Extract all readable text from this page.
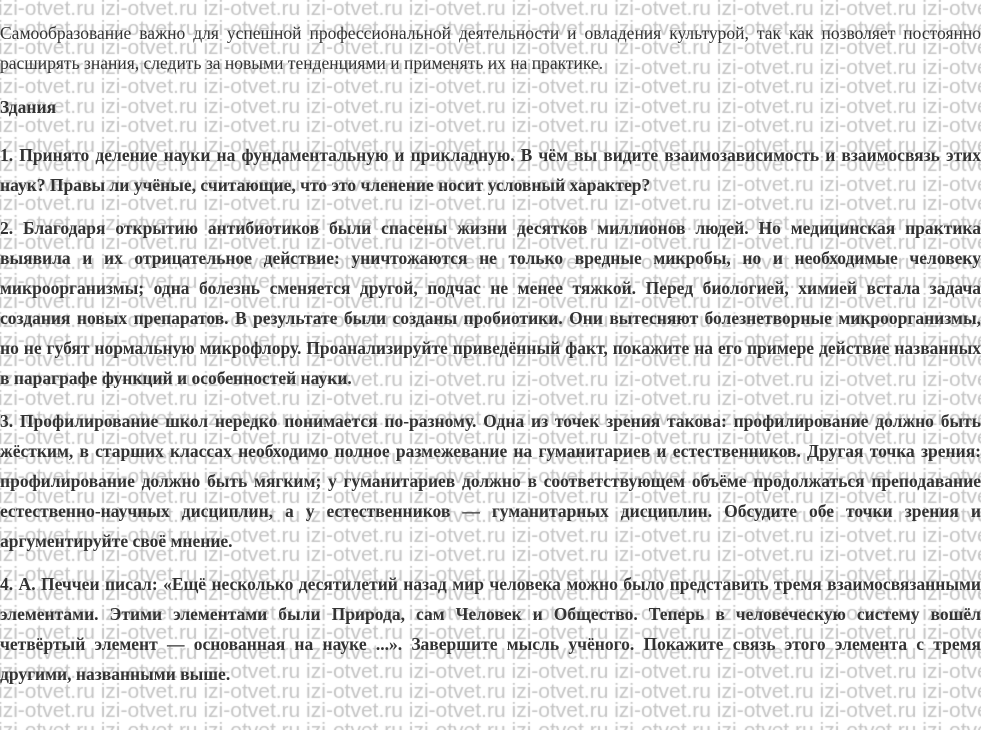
Самообразование важно для успешной профессиональной деятельности и овладения культурой, так как позволяет постоянно расширять знания, следить за новыми тенденциями и применять их на практике.

Здания

1. Принято деление науки на фундаментальную и прикладную. В чём вы видите взаимозависимость и взаимосвязь этих наук? Правы ли учёные, считающие, что это членение носит условный характер?

2. Благодаря открытию антибиотиков были спасены жизни десятков миллионов людей. Но медицинская практика выявила и их отрицательное действие: уничтожаются не только вредные микробы, но и необходимые человеку микроорганизмы; одна болезнь сменяется другой, подчас не менее тяжкой. Перед биологией, химией встала задача создания новых препаратов. В результате были созданы пробиотики. Они вытесняют болезнетворные микроорганизмы, но не губят нормальную микрофлору. Проанализируйте приведённый факт, покажите на его примере действие названных в параграфе функций и особенностей науки.

3. Профилирование школ нередко понимается по-разному. Одна из точек зрения такова: профилирование должно быть жёстким, в старших классах необходимо полное размежевание на гуманитариев и естественников. Другая точка зрения: профилирование должно быть мягким; у гуманитариев должно в соответствующем объёме продолжаться преподавание естественно-научных дисциплин, а у естественников — гуманитарных дисциплин. Обсудите обе точки зрения и аргументируйте своё мнение.

4. А. Печчеи писал: «Ещё несколько десятилетий назад мир человека можно было представить тремя взаимосвязанными элементами. Этими элементами были Природа, сам Человек и Общество. Теперь в человеческую систему вошёл четвёртый элемент — основанная на науке ...». Завершите мысль учёного. Покажите связь этого элемента с тремя другими, названными выше.
